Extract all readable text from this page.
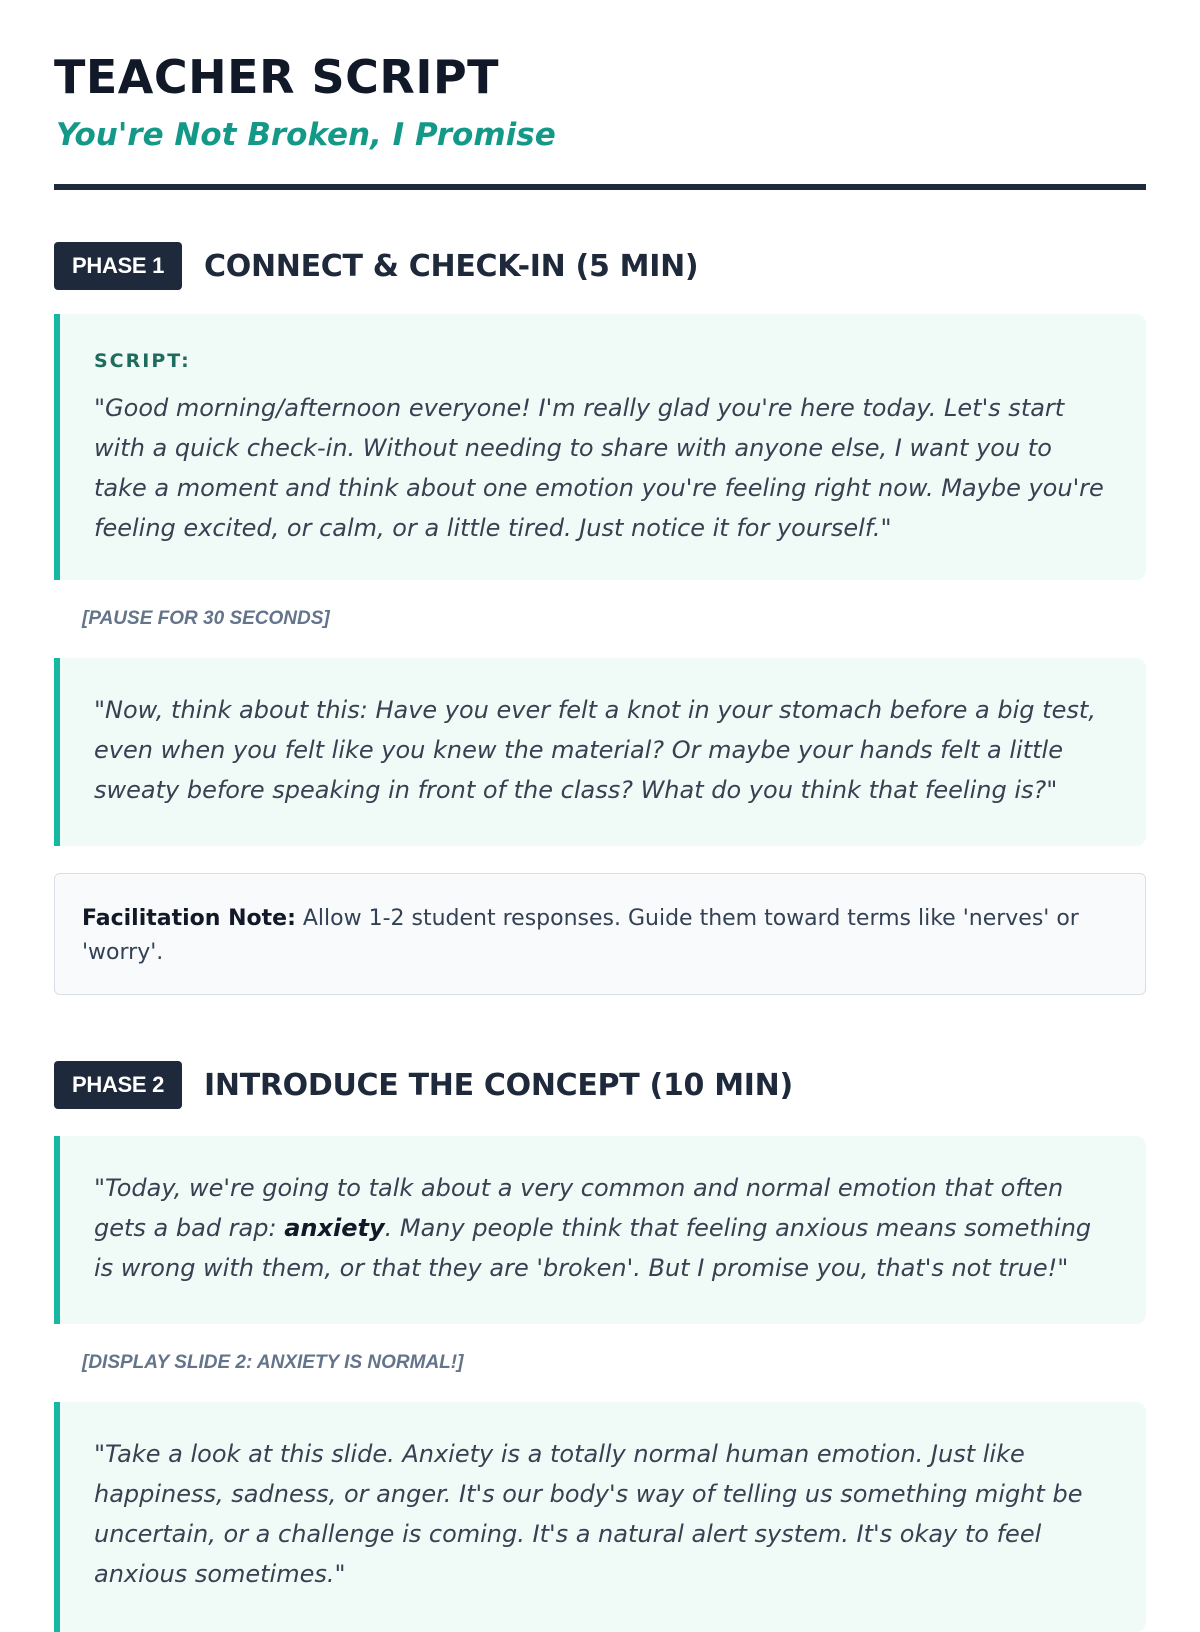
TEACHER SCRIPT
You're Not Broken, I Promise
PHASE 1	CONNECT & CHECK-IN (5 MIN)
SCRIPT:

"Good morning/afternoon everyone! I'm really glad you're here today. Let's start with a quick check-in. Without needing to share with anyone else, I want you to take a moment and think about one emotion you're feeling right now. Maybe you're feeling excited, or calm, or a little tired. Just notice it for yourself."

[PAUSE FOR 30 SECONDS]

"Now, think about this: Have you ever felt a knot in your stomach before a big test, even when you felt like you knew the material? Or maybe your hands felt a little sweaty before speaking in front of the class? What do you think that feeling is?"

Facilitation Note: Allow 1-2 student responses. Guide them toward terms like 'nerves' or 'worry'.
PHASE 2	INTRODUCE THE CONCEPT (10 MIN)

"Today, we're going to talk about a very common and normal emotion that often gets a bad rap: anxiety. Many people think that feeling anxious means something is wrong with them, or that they are 'broken'. But I promise you, that's not true!"

[DISPLAY SLIDE 2: ANXIETY IS NORMAL!]

"Take a look at this slide. Anxiety is a totally normal human emotion. Just like happiness, sadness, or anger. It's our body's way of telling us something might be uncertain, or a challenge is coming. It's a natural alert system. It's okay to feel anxious sometimes."
